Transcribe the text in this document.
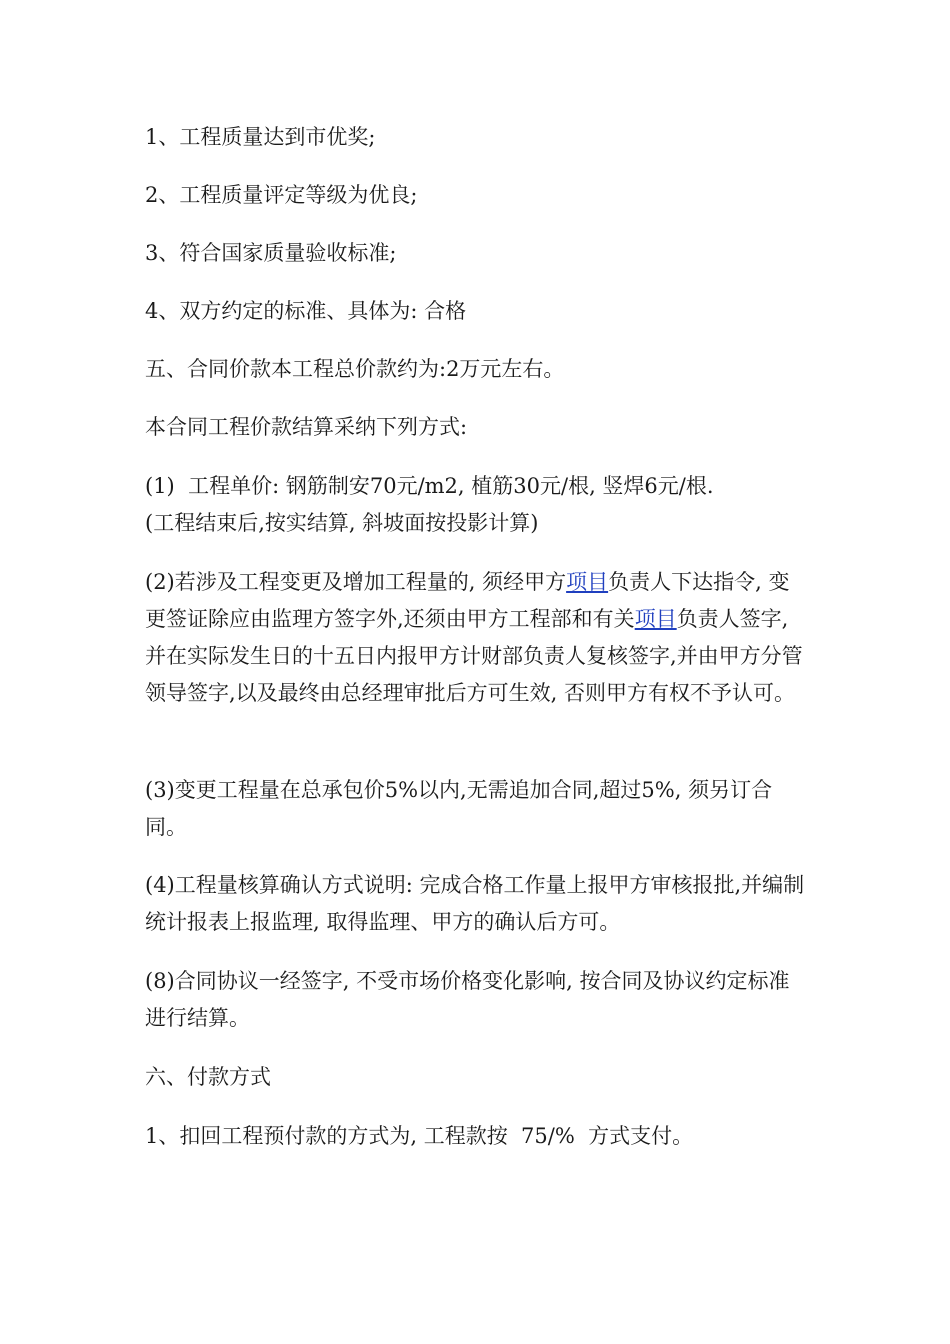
1、工程质量达到市优奖;

2、工程质量评定等级为优良;

3、符合国家质量验收标准;

4、双方约定的标准、具体为: 合格

五、合同价款本工程总价款约为:2万元左右。

本合同工程价款结算采纳下列方式:

(1)  工程单价: 钢筋制安70元/m2, 植筋30元/根, 竖焊6元/根.

(工程结束后,按实结算, 斜坡面按投影计算)

(2)若涉及工程变更及增加工程量的, 须经甲方项目负责人下达指令, 变更签证除应由监理方签字外,还须由甲方工程部和有关项目负责人签字, 并在实际发生日的十五日内报甲方计财部负责人复核签字,并由甲方分管领导签字,以及最终由总经理审批后方可生效, 否则甲方有权不予认可。

(3)变更工程量在总承包价5%以内,无需追加合同,超过5%, 须另订合同。

(4)工程量核算确认方式说明: 完成合格工作量上报甲方审核报批,并编制统计报表上报监理, 取得监理、甲方的确认后方可。

(8)合同协议一经签字, 不受市场价格变化影响, 按合同及协议约定标准进行结算。

六、付款方式

1、扣回工程预付款的方式为, 工程款按  75/%  方式支付。
